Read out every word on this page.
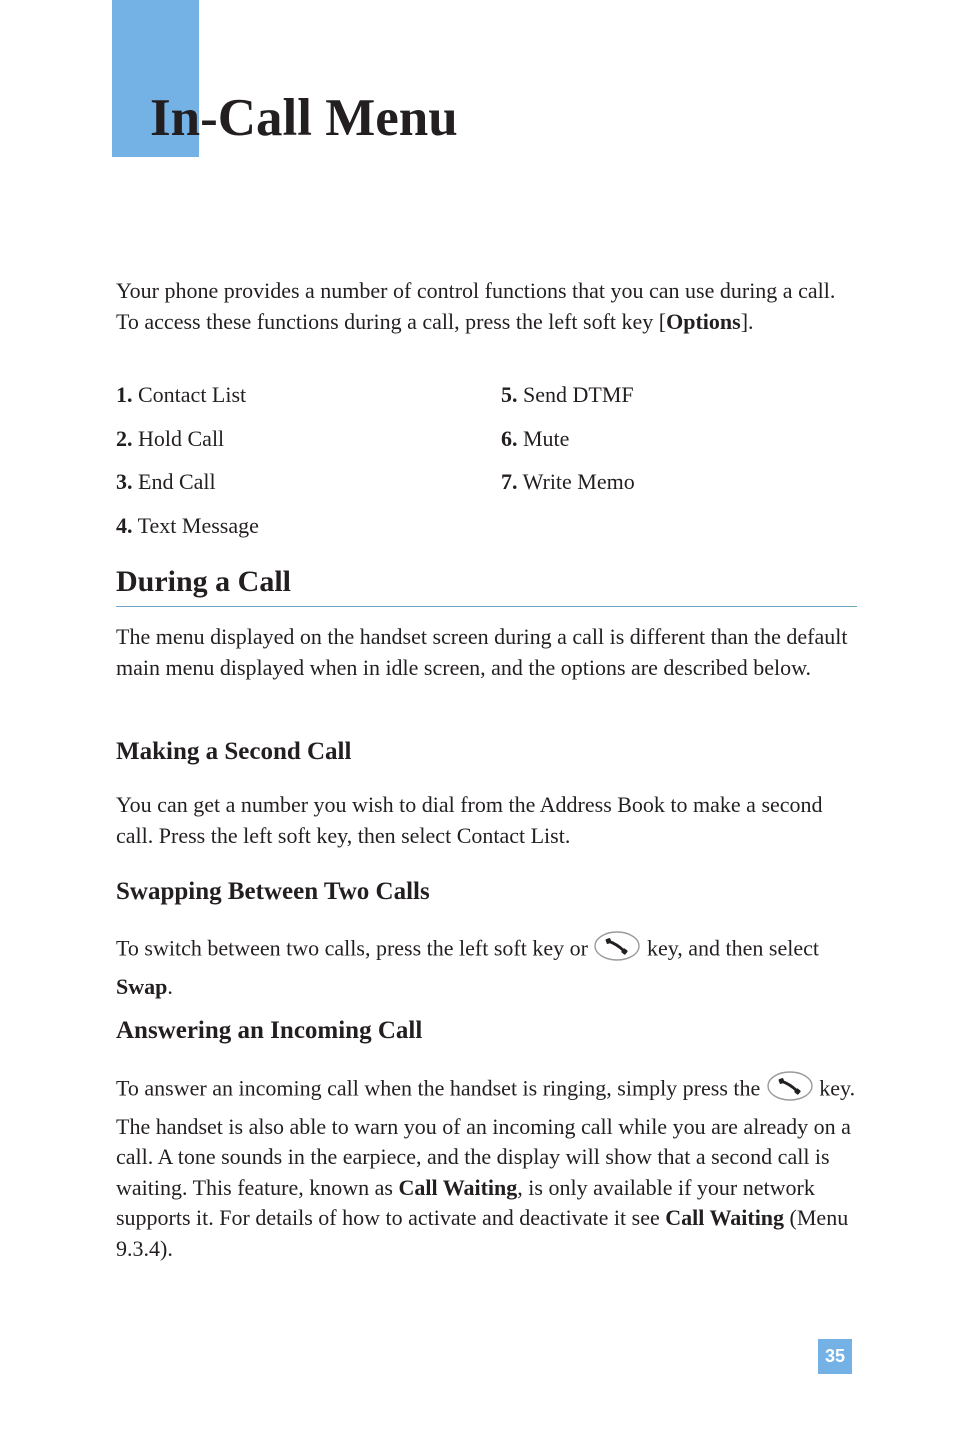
In-Call Menu

Your phone provides a number of control functions that you can use during a call. To access these functions during a call, press the left soft key [Options].

1. Contact List

2. Hold Call

3. End Call

4. Text Message

5. Send DTMF

6. Mute

7. Write Memo

During a Call

The menu displayed on the handset screen during a call is different than the default main menu displayed when in idle screen, and the options are described below.

Making a Second Call

You can get a number you wish to dial from the Address Book to make a second call. Press the left soft key, then select Contact List.

Swapping Between Two Calls

To switch between two calls, press the left soft key or  key, and then select Swap.

Answering an Incoming Call

To answer an incoming call when the handset is ringing, simply press the  key. The handset is also able to warn you of an incoming call while you are already on a call. A tone sounds in the earpiece, and the display will show that a second call is waiting. This feature, known as Call Waiting, is only available if your network supports it. For details of how to activate and deactivate it see Call Waiting (Menu 9.3.4).

35
